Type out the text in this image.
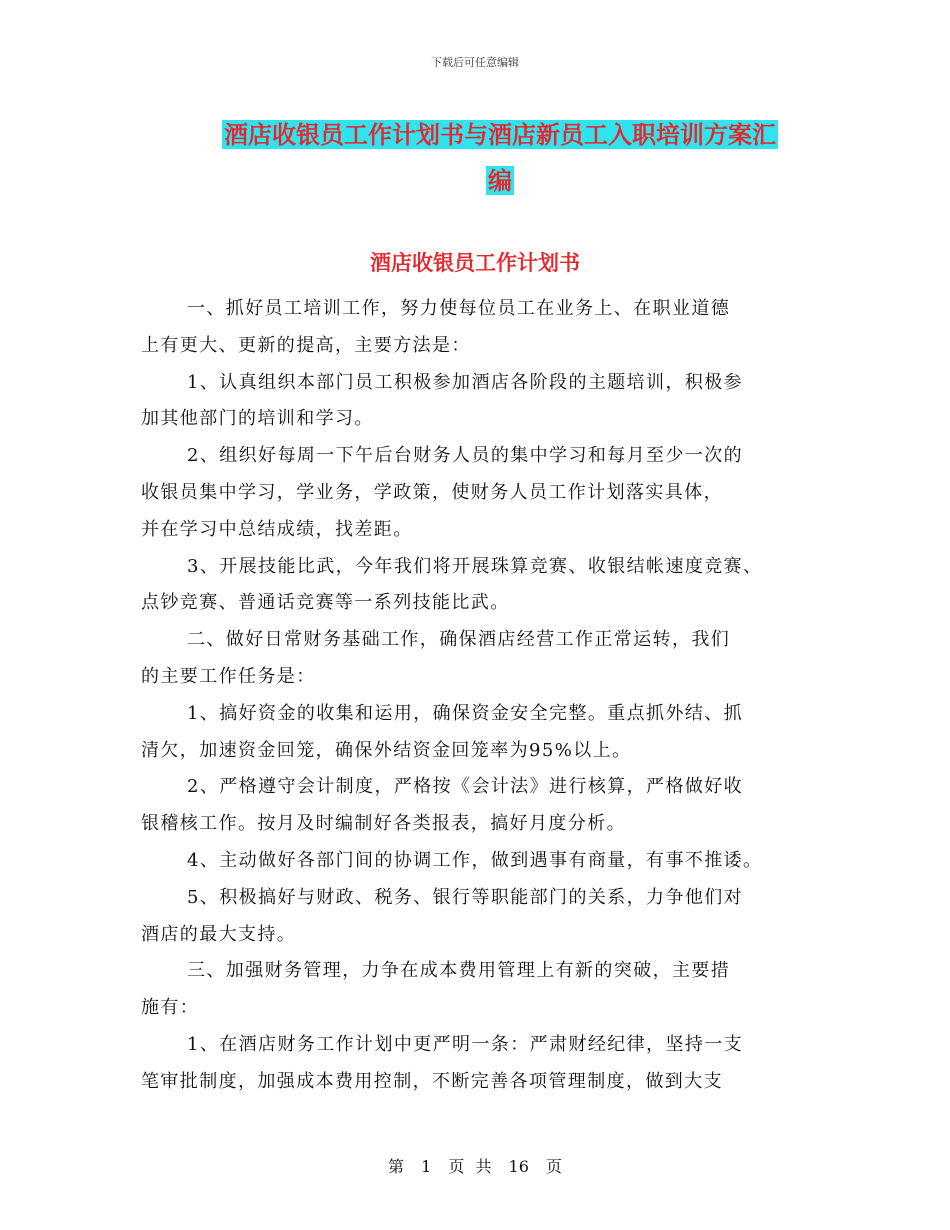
下载后可任意编辑
酒店收银员工作计划书与酒店新员工入职培训方案汇
编
酒店收银员工作计划书
一、抓好员工培训工作，努力使每位员工在业务上、在职业道德
上有更大、更新的提高，主要方法是：
1、认真组织本部门员工积极参加酒店各阶段的主题培训，积极参
加其他部门的培训和学习。
2、组织好每周一下午后台财务人员的集中学习和每月至少一次的
收银员集中学习，学业务，学政策，使财务人员工作计划落实具体，
并在学习中总结成绩，找差距。
3、开展技能比武，今年我们将开展珠算竞赛、收银结帐速度竞赛、
点钞竞赛、普通话竞赛等一系列技能比武。
二、做好日常财务基础工作，确保酒店经营工作正常运转，我们
的主要工作任务是：
1、搞好资金的收集和运用，确保资金安全完整。重点抓外结、抓
清欠，加速资金回笼，确保外结资金回笼率为95%以上。
2、严格遵守会计制度，严格按《会计法》进行核算，严格做好收
银稽核工作。按月及时编制好各类报表，搞好月度分析。
4、主动做好各部门间的协调工作，做到遇事有商量，有事不推诿。
5、积极搞好与财政、税务、银行等职能部门的关系，力争他们对
酒店的最大支持。
三、加强财务管理，力争在成本费用管理上有新的突破，主要措
施有：
1、在酒店财务工作计划中更严明一条：严肃财经纪律，坚持一支
笔审批制度，加强成本费用控制，不断完善各项管理制度，做到大支
第 1 页 共 16 页
